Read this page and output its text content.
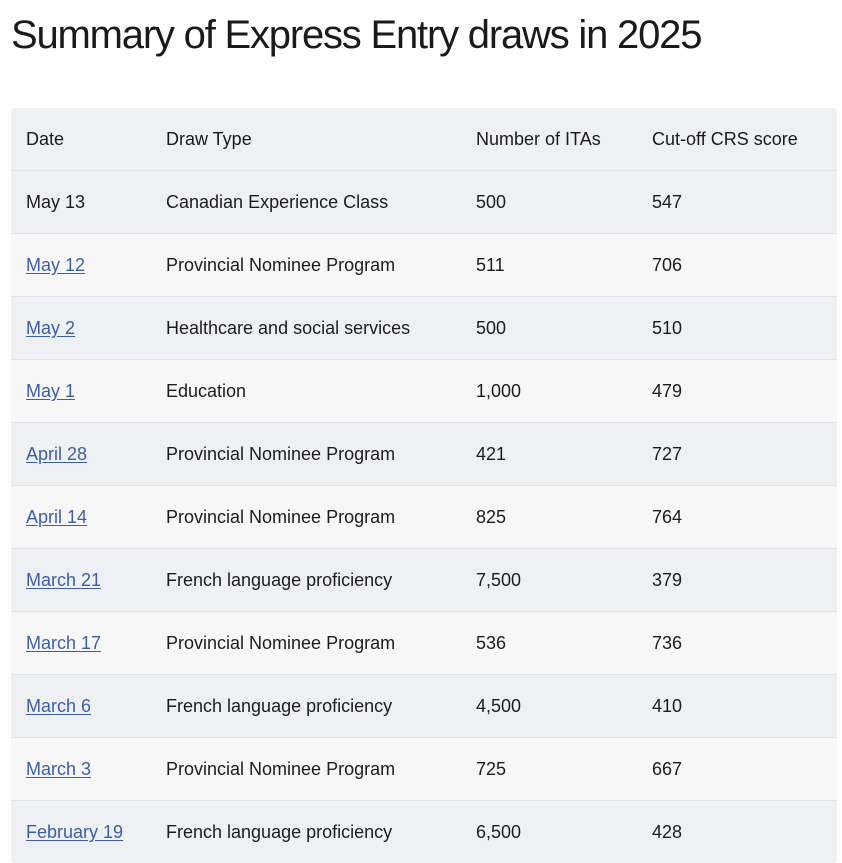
Summary of Express Entry draws in 2025
Date	Draw Type	Number of ITAs	Cut-off CRS score
May 13	Canadian Experience Class	500	547
May 12	Provincial Nominee Program	511	706
May 2	Healthcare and social services	500	510
May 1	Education	1,000	479
April 28	Provincial Nominee Program	421	727
April 14	Provincial Nominee Program	825	764
March 21	French language proficiency	7,500	379
March 17	Provincial Nominee Program	536	736
March 6	French language proficiency	4,500	410
March 3	Provincial Nominee Program	725	667
February 19	French language proficiency	6,500	428
